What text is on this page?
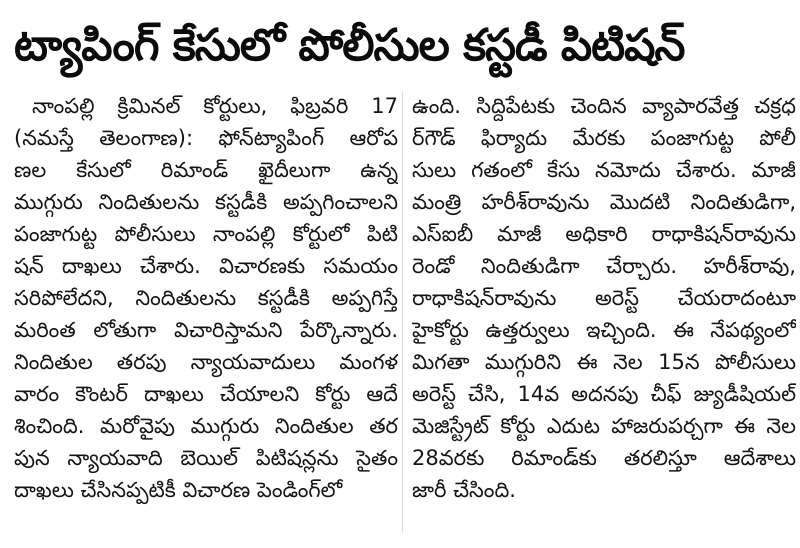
ట్యాపింగ్ కేసులో పోలీసుల కస్టడీ పిటిషన్
నాంపల్లి క్రిమినల్ కోర్టులు, ఫిబ్రవరి 17
(నమస్తే తెలంగాణ): ఫోన్‌ట్యాపింగ్ ఆరోప
ణల కేసులో రిమాండ్ ఖైదీలుగా ఉన్న
ముగ్గురు నిందితులను కస్టడీకి అప్పగించాలని
పంజాగుట్ట పోలీసులు నాంపల్లి కోర్టులో పిటి
షన్ దాఖలు చేశారు. విచారణకు సమయం
సరిపోలేదని, నిందితులను కస్టడీకి అప్పగిస్తే
మరింత లోతుగా విచారిస్తామని పేర్కొన్నారు.
నిందితుల తరపు న్యాయవాదులు మంగళ
వారం కౌంటర్ దాఖలు చేయాలని కోర్టు ఆదే
శించింది. మరోవైపు ముగ్గురు నిందితుల తర
పున న్యాయవాది బెయిల్ పిటిషన్లను సైతం
దాఖలు చేసినప్పటికీ విచారణ పెండింగ్‌లో
ఉంది. సిద్దిపేటకు చెందిన వ్యాపారవేత్త చక్రధ
ర్‌గౌడ్ ఫిర్యాదు మేరకు పంజాగుట్ట పోలీ
సులు గతంలో కేసు నమోదు చేశారు. మాజీ
మంత్రి హరీశ్‌రావును మొదటి నిందితుడిగా,
ఎస్ఐబీ మాజీ అధికారి రాధాకిషన్‌రావును
రెండో నిందితుడిగా చేర్చారు. హరీశ్‌రావు,
రాధాకిషన్‌రావును అరెస్ట్ చేయరాదంటూ
హైకోర్టు ఉత్తర్వులు ఇచ్చింది. ఈ నేపథ్యంలో
మిగతా ముగ్గురిని ఈ నెల 15న పోలీసులు
అరెస్ట్ చేసి, 14వ అదనపు చీఫ్ జ్యుడీషియల్
మెజిస్ట్రేట్ కోర్టు ఎదుట హాజరుపర్చగా ఈ నెల
28వరకు రిమాండ్‌కు తరలిస్తూ ఆదేశాలు
జారీ చేసింది.
